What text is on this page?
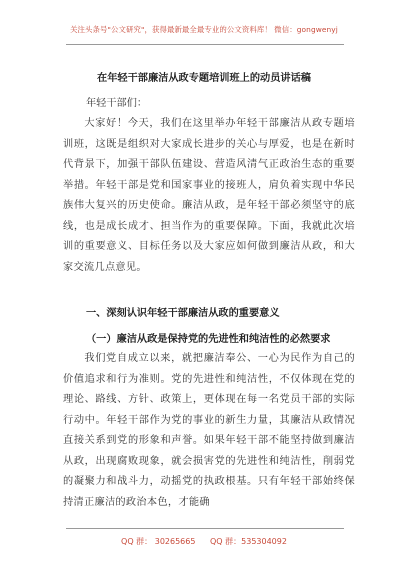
关注头条号"公文研究"，获得最新最全最专业的公文资料库！ 微信：gongwenyj
在年轻干部廉洁从政专题培训班上的动员讲话稿
年轻干部们：

大家好！今天，我们在这里举办年轻干部廉洁从政专题培训班，这既是组织对大家成长进步的关心与厚爱，也是在新时代背景下，加强干部队伍建设、营造风清气正政治生态的重要举措。年轻干部是党和国家事业的接班人，肩负着实现中华民族伟大复兴的历史使命。廉洁从政，是年轻干部必须坚守的底线，也是成长成才、担当作为的重要保障。下面，我就此次培训的重要意义、目标任务以及大家应如何做到廉洁从政，和大家交流几点意见。

一、深刻认识年轻干部廉洁从政的重要意义
（一）廉洁从政是保持党的先进性和纯洁性的必然要求

我们党自成立以来，就把廉洁奉公、一心为民作为自己的价值追求和行为准则。党的先进性和纯洁性，不仅体现在党的理论、路线、方针、政策上，更体现在每一名党员干部的实际行动中。年轻干部作为党的事业的新生力量，其廉洁从政情况直接关系到党的形象和声誉。如果年轻干部不能坚持做到廉洁从政，出现腐败现象，就会损害党的先进性和纯洁性，削弱党的凝聚力和战斗力，动摇党的执政根基。只有年轻干部始终保持清正廉洁的政治本色，才能确

QQ 群： 30265665 QQ 群：535304092
